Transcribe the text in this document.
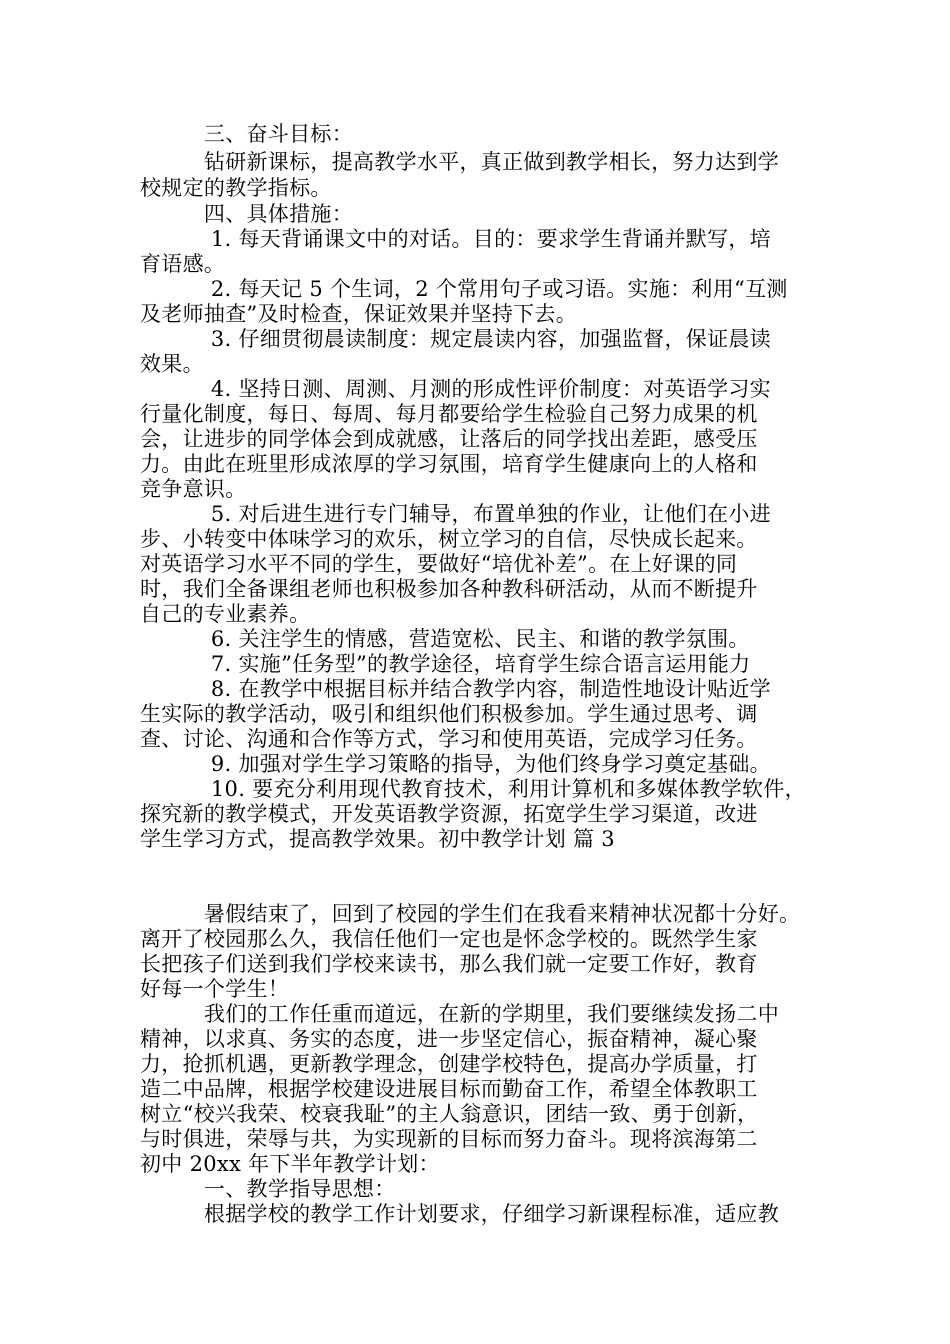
　　　三、奋斗目标：
　　　钻研新课标，提高教学水平，真正做到教学相长，努力达到学
校规定的教学指标。
　　　四、具体措施：
　　　 1. 每天背诵课文中的对话。目的：要求学生背诵并默写，培
育语感。
　　　 2. 每天记 5 个生词，2 个常用句子或习语。实施：利用“互测
及老师抽查”及时检查，保证效果并坚持下去。
　　　 3. 仔细贯彻晨读制度：规定晨读内容，加强监督，保证晨读
效果。
　　　 4. 坚持日测、周测、月测的形成性评价制度：对英语学习实
行量化制度，每日、每周、每月都要给学生检验自己努力成果的机
会，让进步的同学体会到成就感，让落后的同学找出差距，感受压
力。由此在班里形成浓厚的学习氛围，培育学生健康向上的人格和
竞争意识。
　　　 5. 对后进生进行专门辅导，布置单独的作业，让他们在小进
步、小转变中体味学习的欢乐，树立学习的自信，尽快成长起来。
对英语学习水平不同的学生，要做好“培优补差”。在上好课的同
时，我们全备课组老师也积极参加各种教科研活动，从而不断提升
自己的专业素养。
　　　 6. 关注学生的情感，营造宽松、民主、和谐的教学氛围。
　　　 7. 实施”任务型”的教学途径，培育学生综合语言运用能力
　　　 8. 在教学中根据目标并结合教学内容，制造性地设计贴近学
生实际的教学活动，吸引和组织他们积极参加。学生通过思考、调
查、讨论、沟通和合作等方式，学习和使用英语，完成学习任务。
　　　 9. 加强对学生学习策略的指导，为他们终身学习奠定基础。
　　　 10. 要充分利用现代教育技术，利用计算机和多媒体教学软件，
探究新的教学模式，开发英语教学资源，拓宽学生学习渠道，改进
学生学习方式，提高教学效果。初中教学计划 篇 3
　　　暑假结束了，回到了校园的学生们在我看来精神状况都十分好。
离开了校园那么久，我信任他们一定也是怀念学校的。既然学生家
长把孩子们送到我们学校来读书，那么我们就一定要工作好，教育
好每一个学生！
　　　我们的工作任重而道远，在新的学期里，我们要继续发扬二中
精神，以求真、务实的态度，进一步坚定信心，振奋精神，凝心聚
力，抢抓机遇，更新教学理念，创建学校特色，提高办学质量，打
造二中品牌，根据学校建设进展目标而勤奋工作，希望全体教职工
树立“校兴我荣、校衰我耻”的主人翁意识，团结一致、勇于创新，
与时俱进，荣辱与共，为实现新的目标而努力奋斗。现将滨海第二
初中 20xx 年下半年教学计划：
　　　一、教学指导思想：
　　　根据学校的教学工作计划要求，仔细学习新课程标准，适应教
